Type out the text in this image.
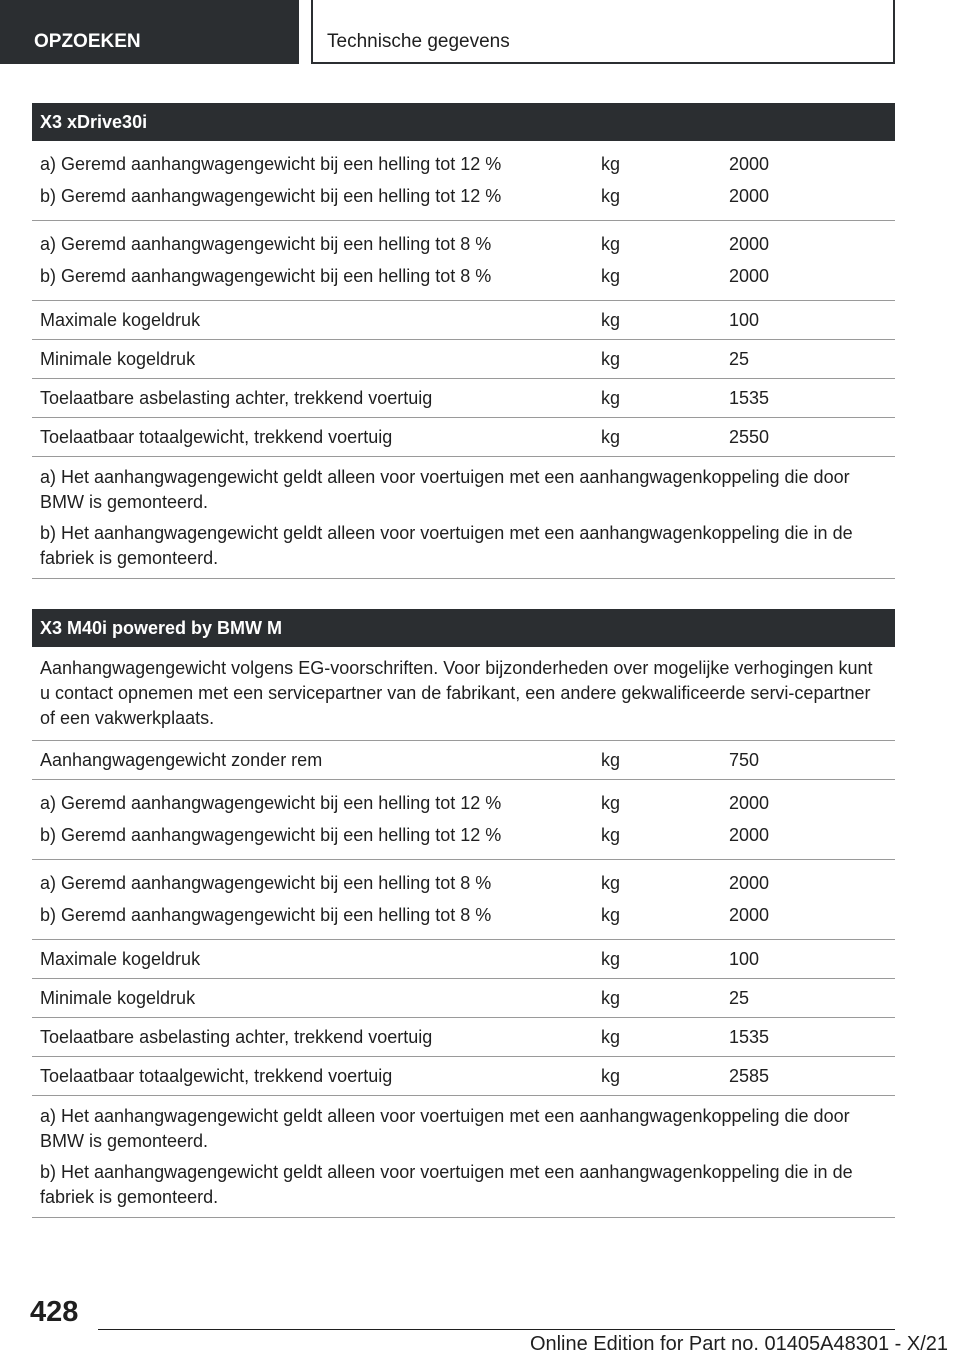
OPZOEKEN	Technische gegevens
X3 xDrive30i
a) Geremd aanhangwagengewicht bij een helling tot 12 %	kg	2000
b) Geremd aanhangwagengewicht bij een helling tot 12 %	kg	2000
a) Geremd aanhangwagengewicht bij een helling tot 8 %	kg	2000
b) Geremd aanhangwagengewicht bij een helling tot 8 %	kg	2000
Maximale kogeldruk	kg	100
Minimale kogeldruk	kg	25
Toelaatbare asbelasting achter, trekkend voertuig	kg	1535
Toelaatbaar totaalgewicht, trekkend voertuig	kg	2550

a) Het aanhangwagengewicht geldt alleen voor voertuigen met een aanhangwagenkoppeling die door BMW is gemonteerd.

b) Het aanhangwagengewicht geldt alleen voor voertuigen met een aanhangwagenkoppeling die in de fabriek is gemonteerd.

X3 M40i powered by BMW M
Aanhangwagengewicht volgens EG-voorschriften. Voor bijzonderheden over mogelijke verhogingen kunt u contact opnemen met een servicepartner van de fabrikant, een andere gekwalificeerde servi-cepartner of een vakwerkplaats.
Aanhangwagengewicht zonder rem	kg	750
a) Geremd aanhangwagengewicht bij een helling tot 12 %	kg	2000
b) Geremd aanhangwagengewicht bij een helling tot 12 %	kg	2000
a) Geremd aanhangwagengewicht bij een helling tot 8 %	kg	2000
b) Geremd aanhangwagengewicht bij een helling tot 8 %	kg	2000
Maximale kogeldruk	kg	100
Minimale kogeldruk	kg	25
Toelaatbare asbelasting achter, trekkend voertuig	kg	1535
Toelaatbaar totaalgewicht, trekkend voertuig	kg	2585

a) Het aanhangwagengewicht geldt alleen voor voertuigen met een aanhangwagenkoppeling die door BMW is gemonteerd.

b) Het aanhangwagengewicht geldt alleen voor voertuigen met een aanhangwagenkoppeling die in de fabriek is gemonteerd.

428
Online Edition for Part no. 01405A48301 - X/21
